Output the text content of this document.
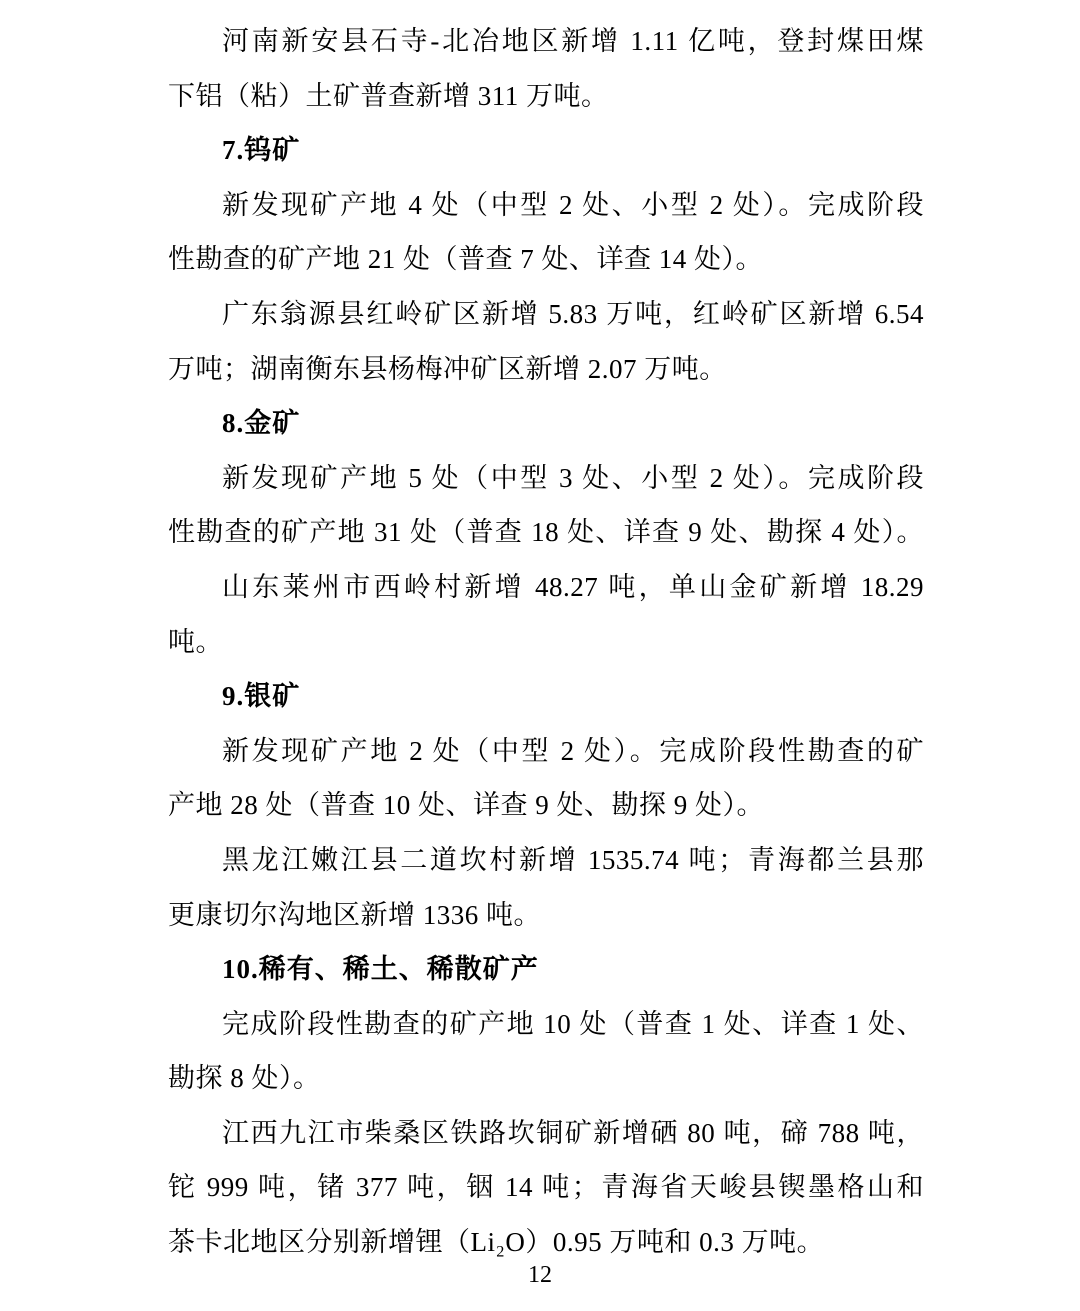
河南新安县石寺-北冶地区新增 1.11 亿吨，登封煤田煤
下铝（粘）土矿普查新增 311 万吨。
7.钨矿
新发现矿产地 4 处（中型 2 处、小型 2 处）。完成阶段
性勘查的矿产地 21 处（普查 7 处、详查 14 处）。
广东翁源县红岭矿区新增 5.83 万吨，红岭矿区新增 6.54
万吨；湖南衡东县杨梅冲矿区新增 2.07 万吨。
8.金矿
新发现矿产地 5 处（中型 3 处、小型 2 处）。完成阶段
性勘查的矿产地 31 处（普查 18 处、详查 9 处、勘探 4 处）。
山东莱州市西岭村新增 48.27 吨，单山金矿新增 18.29
吨。
9.银矿
新发现矿产地 2 处（中型 2 处）。完成阶段性勘查的矿
产地 28 处（普查 10 处、详查 9 处、勘探 9 处）。
黑龙江嫩江县二道坎村新增 1535.74 吨；青海都兰县那
更康切尔沟地区新增 1336 吨。
10.稀有、稀土、稀散矿产
完成阶段性勘查的矿产地 10 处（普查 1 处、详查 1 处、
勘探 8 处）。
江西九江市柴桑区铁路坎铜矿新增硒 80 吨，碲 788 吨，
铊 999 吨，锗 377 吨，铟 14 吨；青海省天峻县锲墨格山和
茶卡北地区分别新增锂（Li₂O）0.95 万吨和 0.3 万吨。
12
